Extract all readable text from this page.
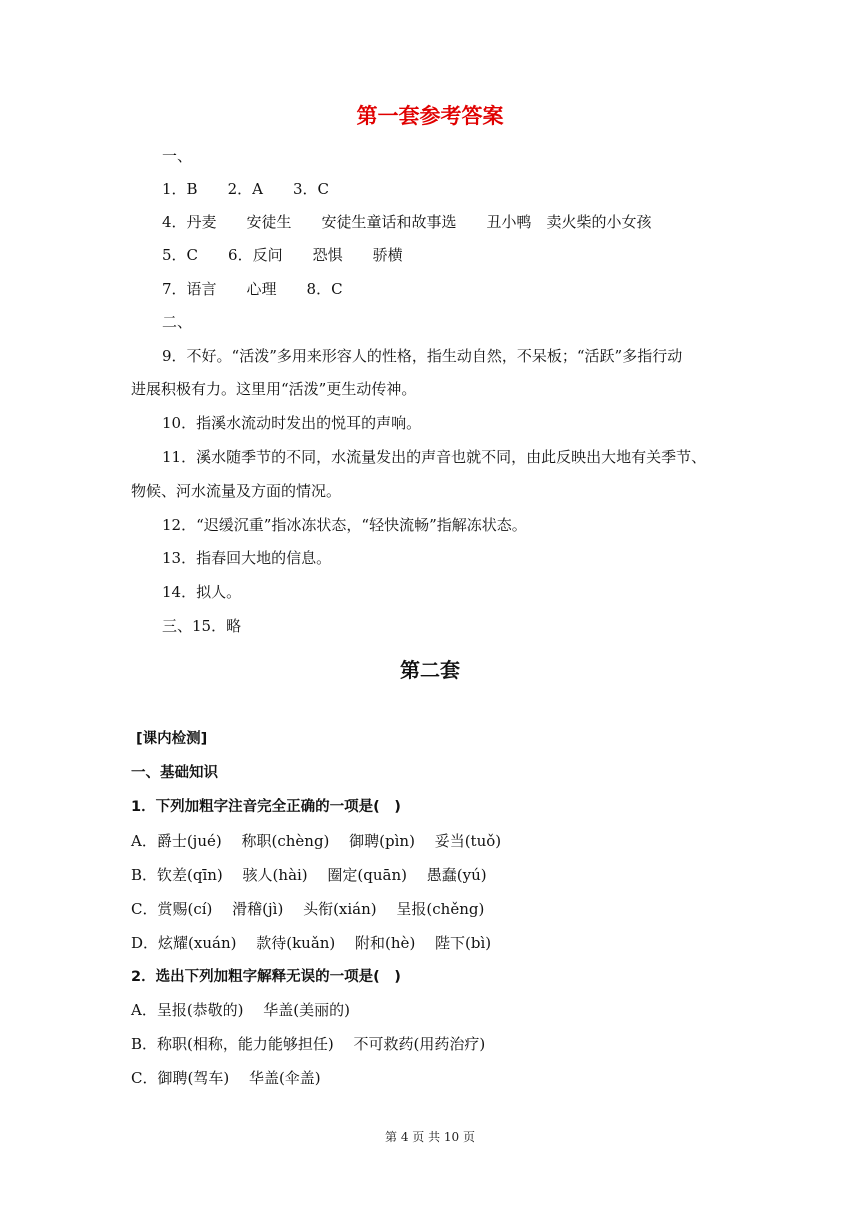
第一套参考答案
一、
1．B　　2．A　　3．C
4．丹麦　　安徒生　　安徒生童话和故事选　　丑小鸭　卖火柴的小女孩
5．C　　6．反问　　恐惧　　骄横
7．语言　　心理　　8．C
二、
9．不好。“活泼”多用来形容人的性格，指生动自然，不呆板；“活跃”多指行动
进展积极有力。这里用“活泼”更生动传神。
10．指溪水流动时发出的悦耳的声响。
11．溪水随季节的不同，水流量发出的声音也就不同，由此反映出大地有关季节、
物候、河水流量及方面的情况。
12．“迟缓沉重”指冰冻状态，“轻快流畅”指解冻状态。
13．指春回大地的信息。
14．拟人。
三、15．略
第二套
[课内检测]
一、基础知识
1．下列加粗字注音完全正确的一项是(　)
A．爵士(jué)　 称职(chèng)　 御聘(pìn)　 妥当(tuǒ)
B．钦差(qīn)　 骇人(hài)　 圈定(quān)　 愚蠢(yú)
C．赏赐(cí)　 滑稽(jì)　 头衔(xián)　 呈报(chěng)
D．炫耀(xuán)　 款待(kuǎn)　 附和(hè)　 陛下(bì)
2．选出下列加粗字解释无误的一项是(　)
A．呈报(恭敬的)　 华盖(美丽的)
B．称职(相称，能力能够担任)　 不可救药(用药治疗)
C．御聘(驾车)　 华盖(伞盖)
第 4 页 共 10 页
